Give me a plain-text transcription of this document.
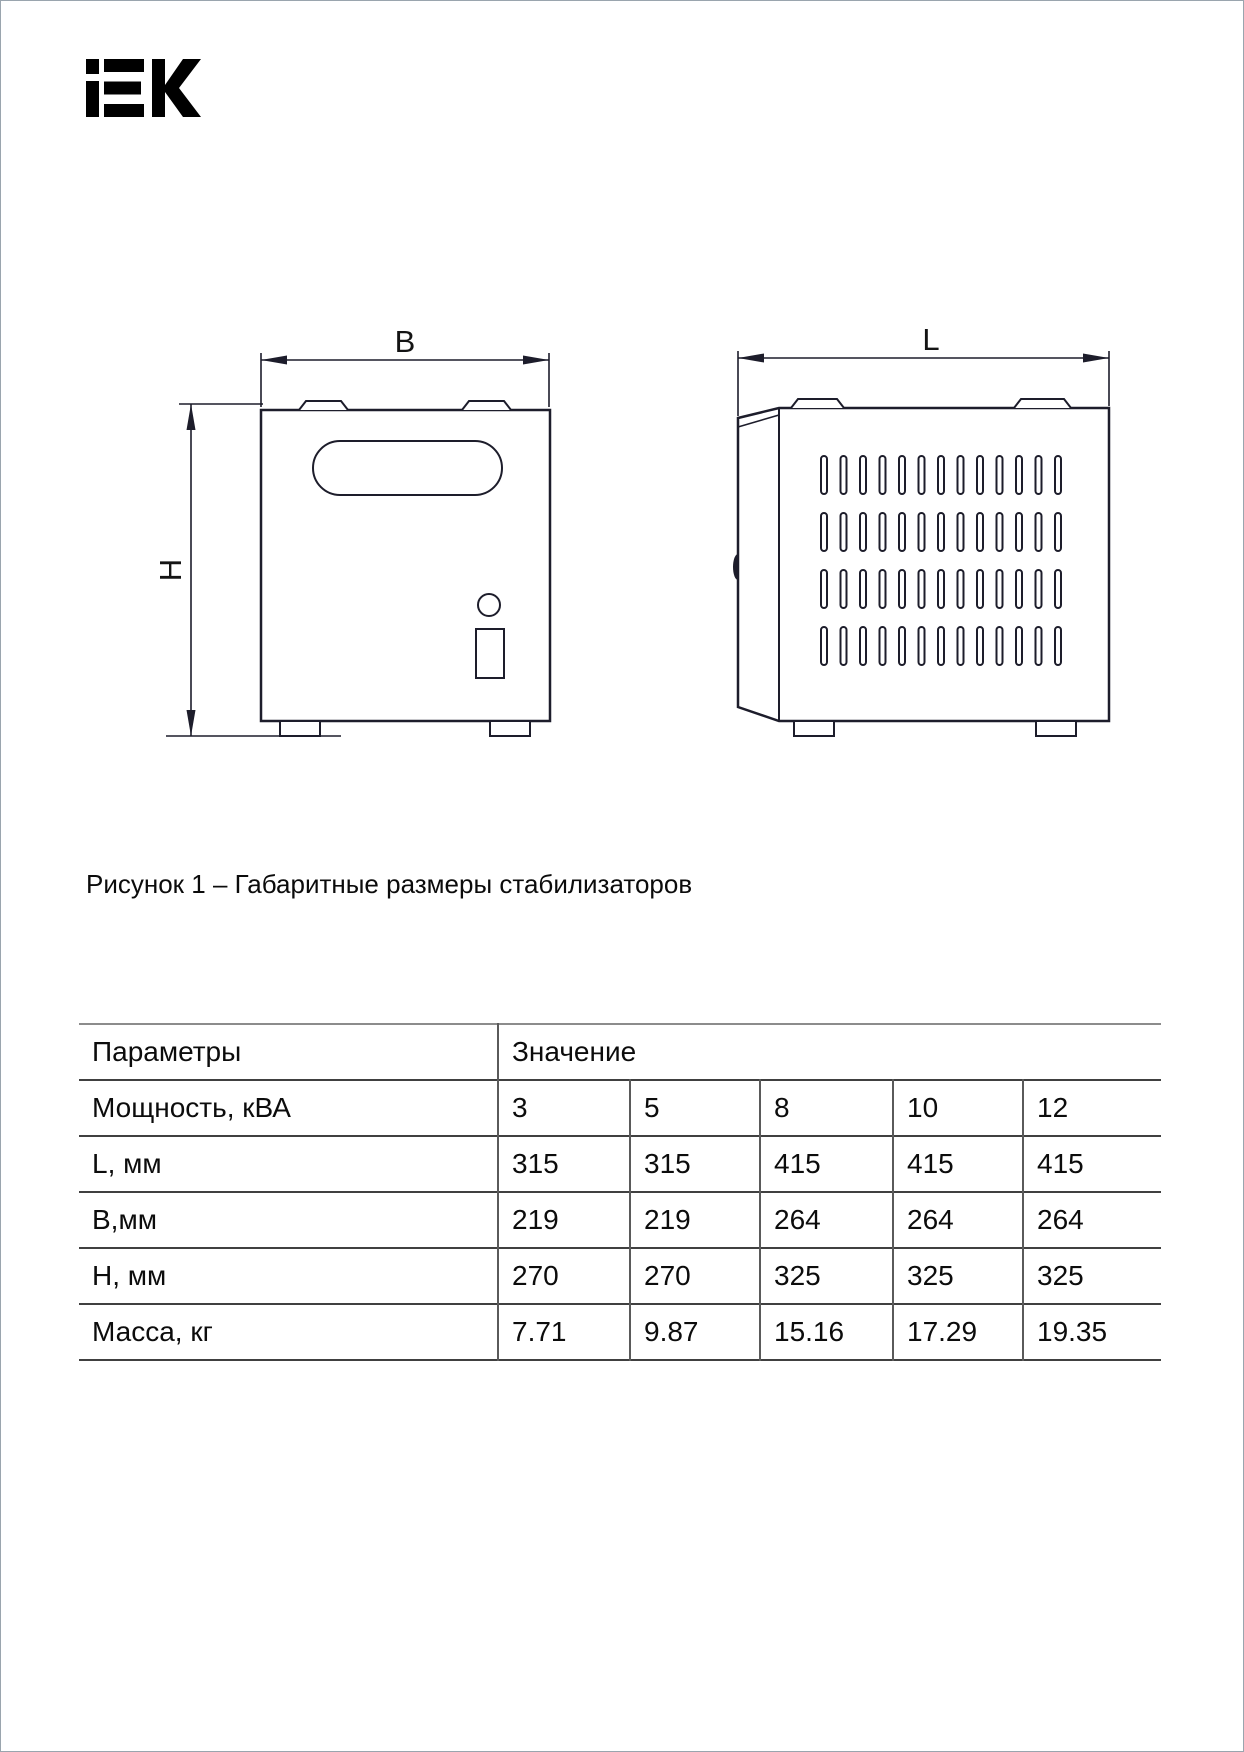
H
B	L
Рисунок 1 – Габаритные размеры стабилизаторов
Параметры	Значение				
Мощность, кВА	3	5	8	10	12
L, мм	315	315	415	415	415
В,мм	219	219	264	264	264
Н, мм	270	270	325	325	325
Масса, кг	7.71	9.87	15.16	17.29	19.35
